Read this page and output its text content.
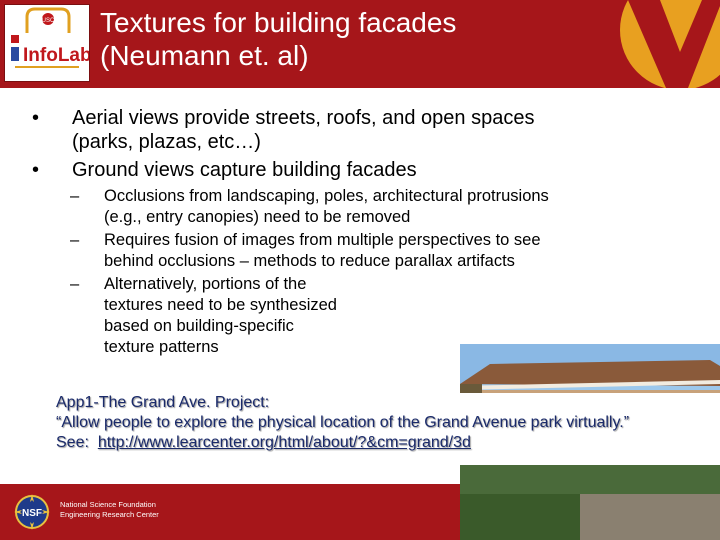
USC
InfoLab
Textures for building facades
(Neumann et. al)
• Aerial views provide streets, roofs, and open spaces
(parks, plazas, etc…)
• Ground views capture building facades
– Occlusions from landscaping, poles, architectural protrusions
(e.g., entry canopies) need to be removed
– Requires fusion of images from multiple perspectives to see
behind occlusions – methods to reduce parallax artifacts
– Alternatively, portions of the
textures need to be synthesized
based on building-specific
texture patterns
App1-The Grand Ave. Project:
“Allow people to explore the physical location of the Grand Avenue park virtually.”
See: http://www.learcenter.org/html/about/?&cm=grand/3d
NSF
National Science Foundation
Engineering Research Center
